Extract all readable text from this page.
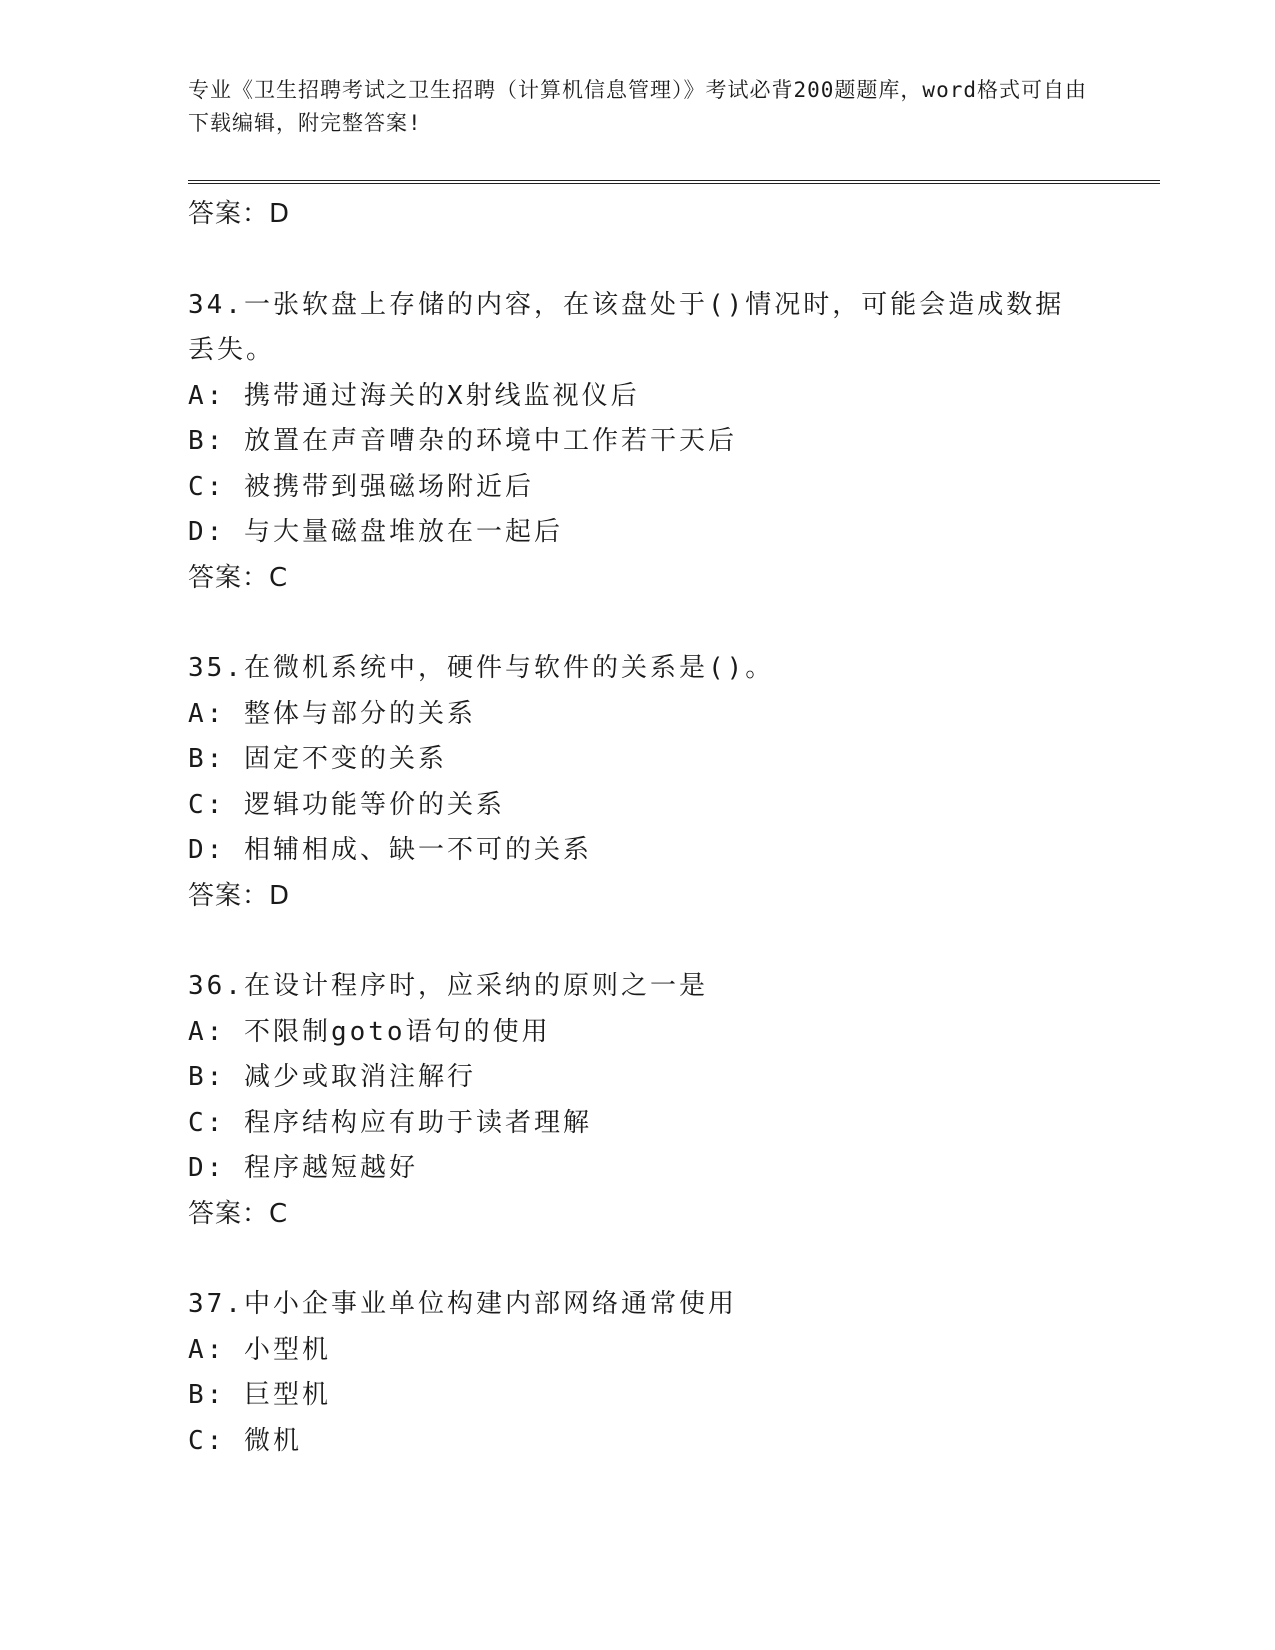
专业《卫生招聘考试之卫生招聘（计算机信息管理）》考试必背200题题库，word格式可自由下载编辑，附完整答案!
答案：D
34.一张软盘上存储的内容，在该盘处于()情况时，可能会造成数据丢失。
A: 携带通过海关的X射线监视仪后
B: 放置在声音嘈杂的环境中工作若干天后
C: 被携带到强磁场附近后
D: 与大量磁盘堆放在一起后
答案：C
35.在微机系统中，硬件与软件的关系是()。
A: 整体与部分的关系
B: 固定不变的关系
C: 逻辑功能等价的关系
D: 相辅相成、缺一不可的关系
答案：D
36.在设计程序时，应采纳的原则之一是
A: 不限制goto语句的使用
B: 减少或取消注解行
C: 程序结构应有助于读者理解
D: 程序越短越好
答案：C
37.中小企事业单位构建内部网络通常使用
A: 小型机
B: 巨型机
C: 微机
